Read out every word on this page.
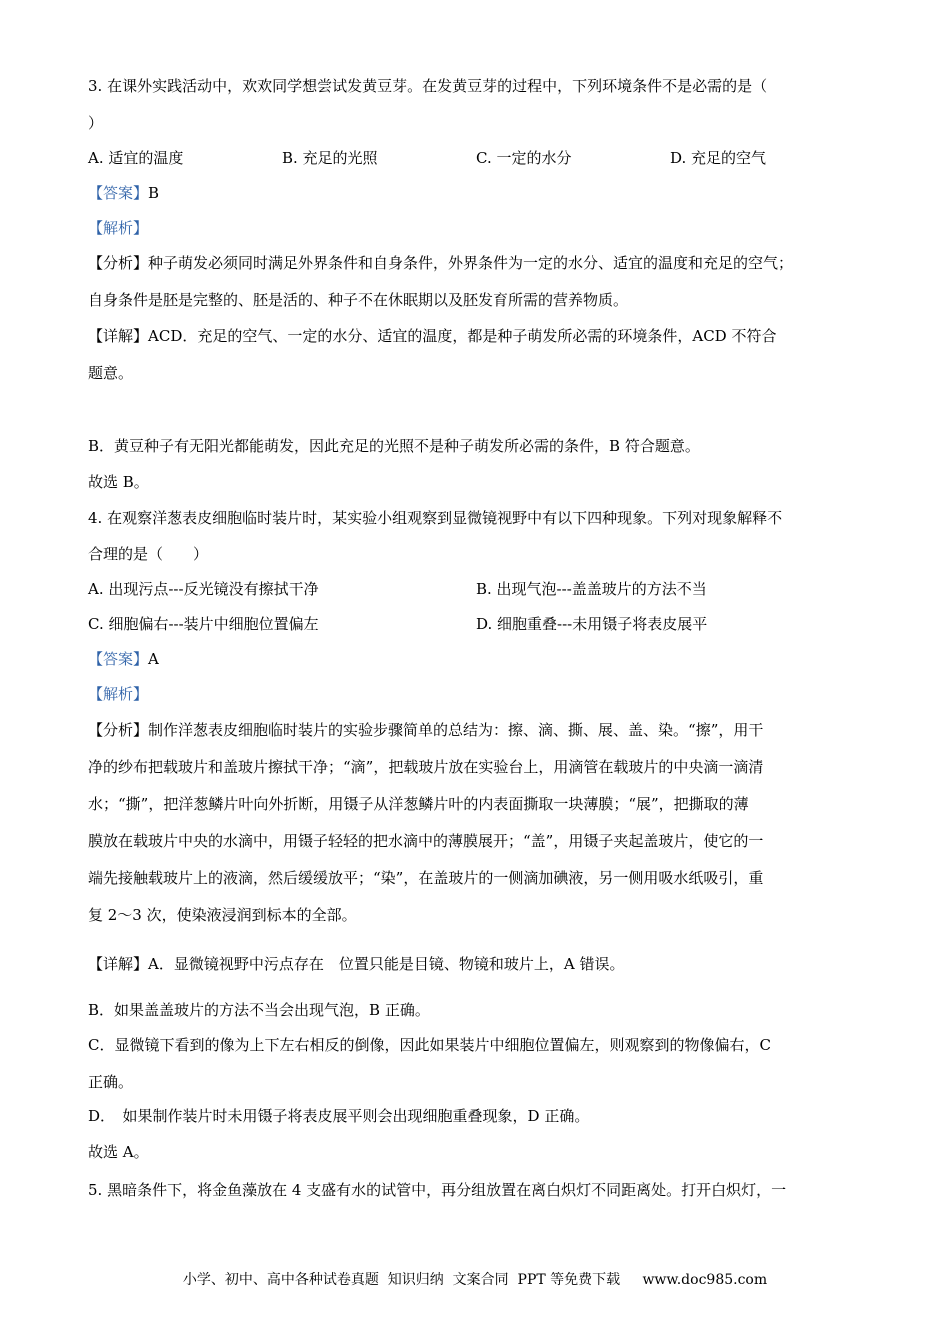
3. 在课外实践活动中，欢欢同学想尝试发黄豆芽。在发黄豆芽的过程中，下列环境条件不是必需的是（
）
A. 适宜的温度	B. 充足的光照	C. 一定的水分	D. 充足的空气
【答案】B
【解析】
【分析】种子萌发必须同时满足外界条件和自身条件，外界条件为一定的水分、适宜的温度和充足的空气；
自身条件是胚是完整的、胚是活的、种子不在休眠期以及胚发育所需的营养物质。
【详解】ACD．充足的空气、一定的水分、适宜的温度，都是种子萌发所必需的环境条件，ACD 不符合
题意。
B．黄豆种子有无阳光都能萌发，因此充足的光照不是种子萌发所必需的条件，B 符合题意。
故选 B。
4. 在观察洋葱表皮细胞临时装片时，某实验小组观察到显微镜视野中有以下四种现象。下列对现象解释不
合理的是（　　）
A. 出现污点---反光镜没有擦拭干净	B. 出现气泡---盖盖玻片的方法不当
C. 细胞偏右---装片中细胞位置偏左	D. 细胞重叠---未用镊子将表皮展平
【答案】A
【解析】
【分析】制作洋葱表皮细胞临时装片的实验步骤简单的总结为：擦、滴、撕、展、盖、染。“擦”，用干
净的纱布把载玻片和盖玻片擦拭干净；“滴”，把载玻片放在实验台上，用滴管在载玻片的中央滴一滴清
水；“撕”，把洋葱鳞片叶向外折断，用镊子从洋葱鳞片叶的内表面撕取一块薄膜；“展”，把撕取的薄
膜放在载玻片中央的水滴中，用镊子轻轻的把水滴中的薄膜展开；“盖”，用镊子夹起盖玻片，使它的一
端先接触载玻片上的液滴，然后缓缓放平；“染”，在盖玻片的一侧滴加碘液，另一侧用吸水纸吸引，重
复 2～3 次，使染液浸润到标本的全部。
【详解】A．显微镜视野中污点存在　位置只能是目镜、物镜和玻片上，A 错误。
B．如果盖盖玻片的方法不当会出现气泡，B 正确。
C．显微镜下看到的像为上下左右相反的倒像，因此如果装片中细胞位置偏左，则观察到的物像偏右，C
正确。
D．　如果制作装片时未用镊子将表皮展平则会出现细胞重叠现象，D 正确。
故选 A。
5. 黑暗条件下，将金鱼藻放在 4 支盛有水的试管中，再分组放置在离白炽灯不同距离处。打开白炽灯，一
小学、初中、高中各种试卷真题  知识归纳  文案合同  PPT 等免费下载     www.doc985.com
